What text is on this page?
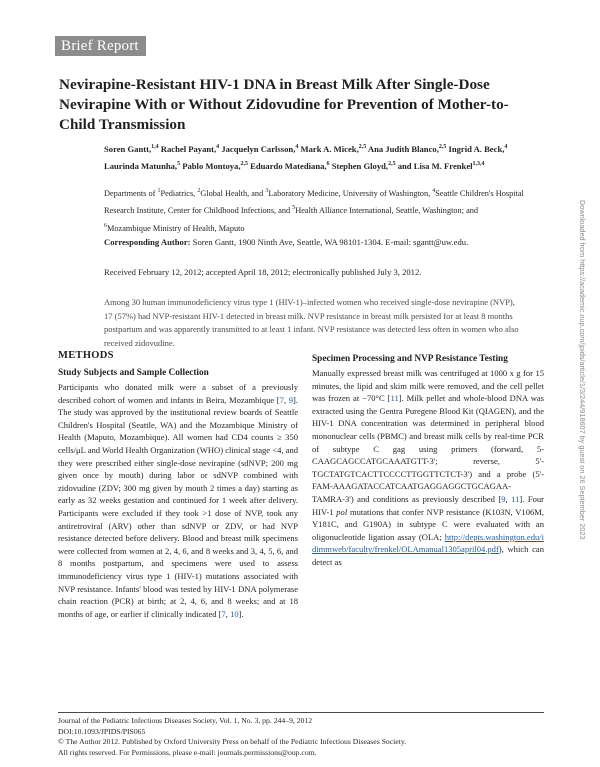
Brief Report
Nevirapine-Resistant HIV-1 DNA in Breast Milk After Single-Dose Nevirapine With or Without Zidovudine for Prevention of Mother-to-Child Transmission
Soren Gantt,$^{1,4}$ Rachel Payant,$^4$ Jacquelyn Carlsson,$^4$ Mark A. Micek,$^{2,5}$ Ana Judith Blanco,$^{2,5}$ Ingrid A. Beck,$^4$ Laurinda Matunha,$^5$ Pablo Montoya,$^{2,5}$ Eduardo Matediana,$^6$ Stephen Gloyd,$^{2,5}$ and Lisa M. Frenkel$^{1,3,4}$
Departments of $^1$Pediatrics, $^2$Global Health, and $^3$Laboratory Medicine, University of Washington, $^4$Seattle Children's Hospital Research Institute, Center for Childhood Infections, and $^5$Health Alliance International, Seattle, Washington; and $^6$Mozambique Ministry of Health, Maputo
Corresponding Author: Soren Gantt, 1900 Ninth Ave, Seattle, WA 98101-1304. E-mail: sgantt@uw.edu.
Received February 12, 2012; accepted April 18, 2012; electronically published July 3, 2012.
Among 30 human immunodeficiency virus type 1 (HIV-1)–infected women who received single-dose nevirapine (NVP), 17 (57%) had NVP-resistant HIV-1 detected in breast milk. NVP resistance in breast milk persisted for at least 8 months postpartum and was apparently transmitted to at least 1 infant. NVP resistance was detected less often in women who also received zidovudine.
METHODS
Study Subjects and Sample Collection

Participants who donated milk were a subset of a previously described cohort of women and infants in Beira, Mozambique [7, 9]. The study was approved by the institutional review boards of Seattle Children's Hospital (Seattle, WA) and the Mozambique Ministry of Health (Maputo, Mozambique). All women had CD4 counts ≥ 350 cells/μL and World Health Organization (WHO) clinical stage <4, and they were prescribed either single-dose nevirapine (sdNVP; 200 mg given once by mouth) during labor or sdNVP combined with zidovudine (ZDV; 300 mg given by mouth 2 times a day) starting as early as 32 weeks gestation and continued for 1 week after delivery. Participants were excluded if they took >1 dose of NVP, took any antiretroviral (ARV) other than sdNVP or ZDV, or had NVP resistance detected before delivery. Blood and breast milk specimens were collected from women at 2, 4, 6, and 8 weeks and 3, 4, 5, 6, and 8 months postpartum, and specimens were used to assess immunodeficiency virus type 1 (HIV-1) mutations associated with NVP resistance. Infants' blood was tested by HIV-1 DNA polymerase chain reaction (PCR) at birth; at 2, 4, 6, and 8 weeks; and at 18 months of age, or earlier if clinically indicated [7, 10].

Specimen Processing and NVP Resistance Testing

Manually expressed breast milk was centrifuged at 1000 x g for 15 minutes, the lipid and skim milk were removed, and the cell pellet was frozen at −70°C [11]. Milk pellet and whole-blood DNA was extracted using the Gentra Puregene Blood Kit (QIAGEN), and the HIV-1 DNA concentration was determined in peripheral blood mononuclear cells (PBMC) and breast milk cells by real-time PCR of subtype C gag using primers (forward, 5-CAAGCAGCCATGCAAATGTT-3'; reverse, 5'-TGCTATGTCACTTCCCCTTGGTTCTCT-3') and a probe (5'-FAM-AAAGATACCATCAATGAGGAGGCTGCAGAA-TAMRA-3') and conditions as previously described [9, 11]. Four HIV-1 pol mutations that confer NVP resistance (K103N, V106M, Y181C, and G190A) in subtype C were evaluated with an oligonucleotide ligation assay (OLA; http://depts.washington.edu/idimmweb/faculty/frenkel/OLAmanual1305april04.pdf), which can detect as

Journal of the Pediatric Infectious Diseases Society, Vol. 1, No. 3, pp. 244–9, 2012
DOI:10.1093/JPIDS/PIS065
© The Author 2012. Published by Oxford University Press on behalf of the Pediatric Infectious Diseases Society.
All rights reserved. For Permissions, please e-mail: journals.permissions@oup.com.
Downloaded from https://academic.oup.com/jpids/article/1/3/244/918607 by guest on 26 September 2023
